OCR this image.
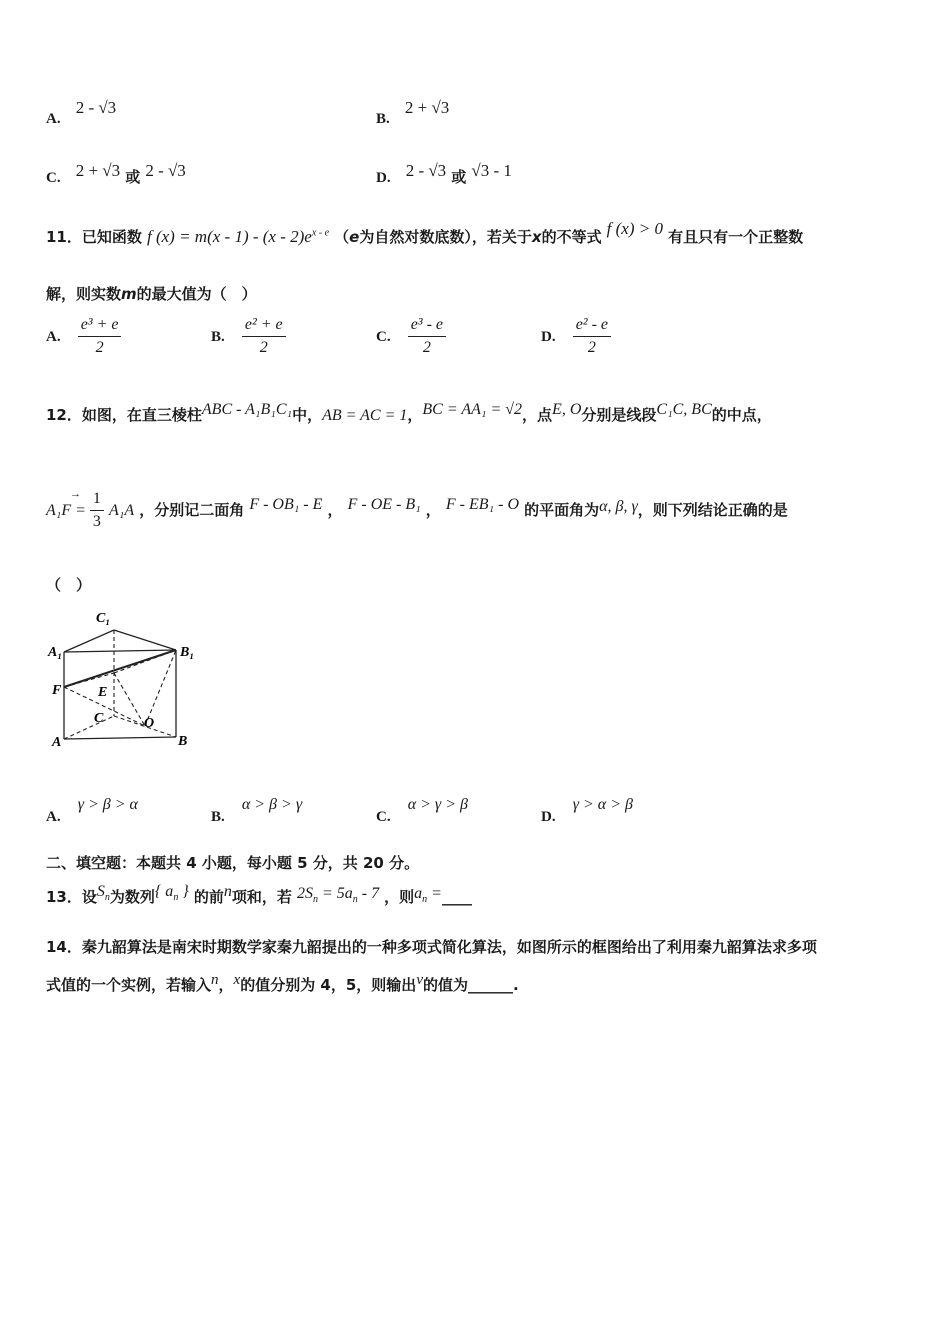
A. 2 - √3
B. 2 + √3
C. 2 + √3 或 2 - √3	D. 2 - √3 或 √3 - 1
11．已知函数 f $(x) = m(x - 1) - (x - 2)e^{x - e}$ （e为自然对数底数），若关于x的不等式 f (x) > 0 有且只有一个正整数
解，则实数m的最大值为（　）
A. $\frac{\text{e³ + e}}{2}$	B. $\frac{\text{e² + e}}{2}$	C. $\frac{\text{e³ - e}}{2}$	D. $\frac{\text{e² - e}}{2}$
12．如图，在直三棱柱 ABC - A₁B₁C₁ 中， AB = AC = 1 ， BC = AA₁ = √2 ，点 E, O 分别是线段 C₁C, BC 的中点，
→
$A_1F = \frac{1}{3} A_1A$ ，分别记二面角 F - OB₁ - E ， F - OE - B₁ ， F - EB₁ - O 的平面角为α, β, γ，则下列结论正确的是
（　）
C₁
A₁	B₁
F	E
C	O
A	B
A. γ > β > α
B. α > β > γ
C. α > γ > β
D. γ > α > β
二、填空题：本题共 4 小题，每小题 5 分，共 20 分。
13．设$S_n$为数列{ $a_n$ } 的前n项和，若 $2S_n = 5a_n - 7$ ，则$a_n$ =____
14．秦九韶算法是南宋时期数学家秦九韶提出的一种多项式简化算法，如图所示的框图给出了利用秦九韶算法求多项
式值的一个实例，若输入n，x的值分别为 4，5，则输出v的值为______.
